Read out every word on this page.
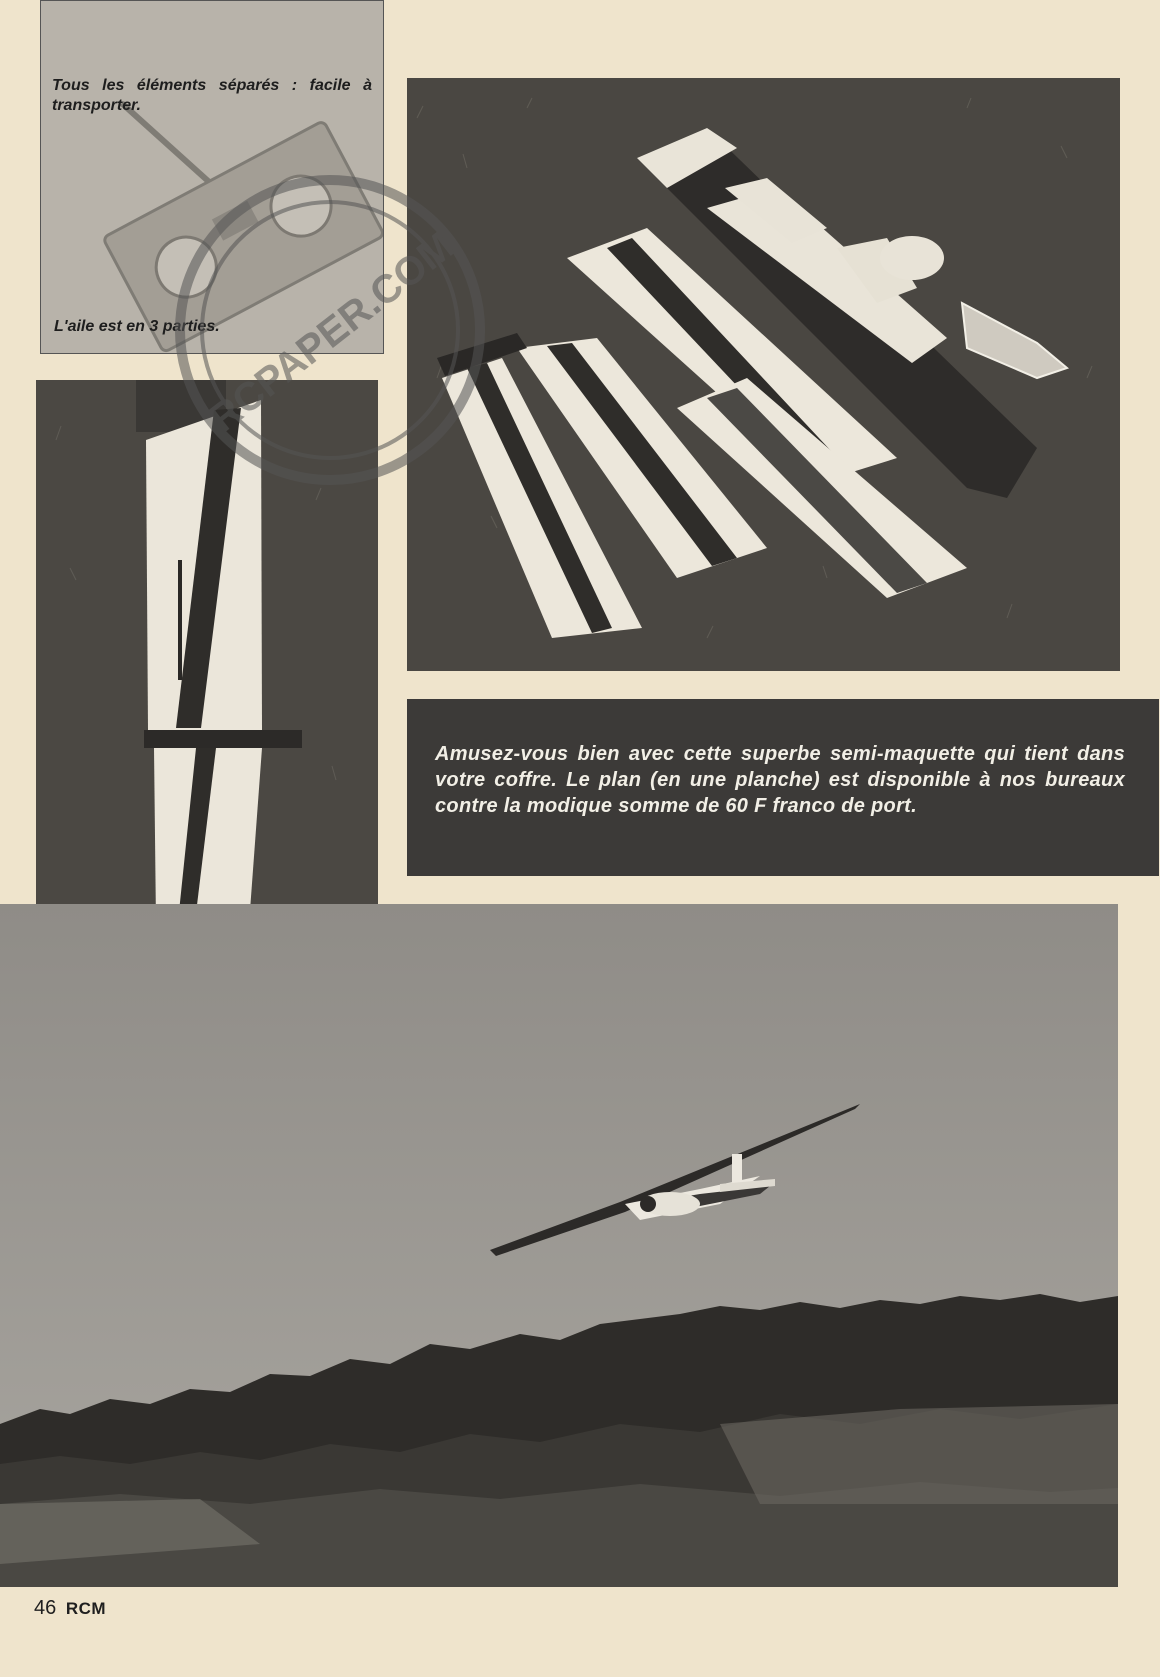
Tous les éléments séparés : facile à transporter.
L'aile est en 3 parties.

Amusez-vous bien avec cette superbe semi-maquette qui tient dans votre coffre. Le plan (en une planche) est disponible à nos bureaux contre la modique somme de 60 F franco de port.

RCPAPER.COM
46 RCM
